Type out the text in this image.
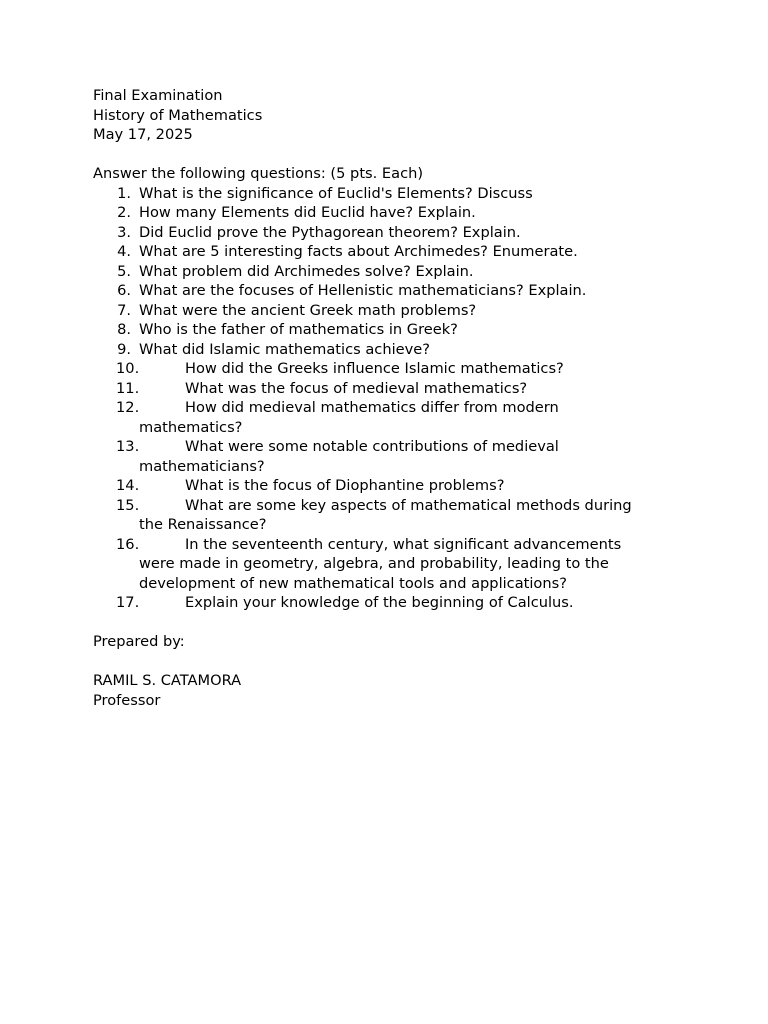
Final Examination
History of Mathematics
May 17, 2025
Answer the following questions: (5 pts. Each)
1. What is the significance of Euclid's Elements? Discuss
2. How many Elements did Euclid have? Explain.
3. Did Euclid prove the Pythagorean theorem? Explain.
4. What are 5 interesting facts about Archimedes? Enumerate.
5. What problem did Archimedes solve? Explain.
6. What are the focuses of Hellenistic mathematicians? Explain.
7. What were the ancient Greek math problems?
8. Who is the father of mathematics in Greek?
9. What did Islamic mathematics achieve?
10.	How did the Greeks influence Islamic mathematics?
11.	What was the focus of medieval mathematics?
12.	How did medieval mathematics differ from modern
mathematics?
13.	What were some notable contributions of medieval
mathematicians?
14.	What is the focus of Diophantine problems?
15.	What are some key aspects of mathematical methods during
the Renaissance?
16.	In the seventeenth century, what significant advancements
were made in geometry, algebra, and probability, leading to the
development of new mathematical tools and applications?
17.	Explain your knowledge of the beginning of Calculus.
Prepared by:
RAMIL S. CATAMORA
Professor
